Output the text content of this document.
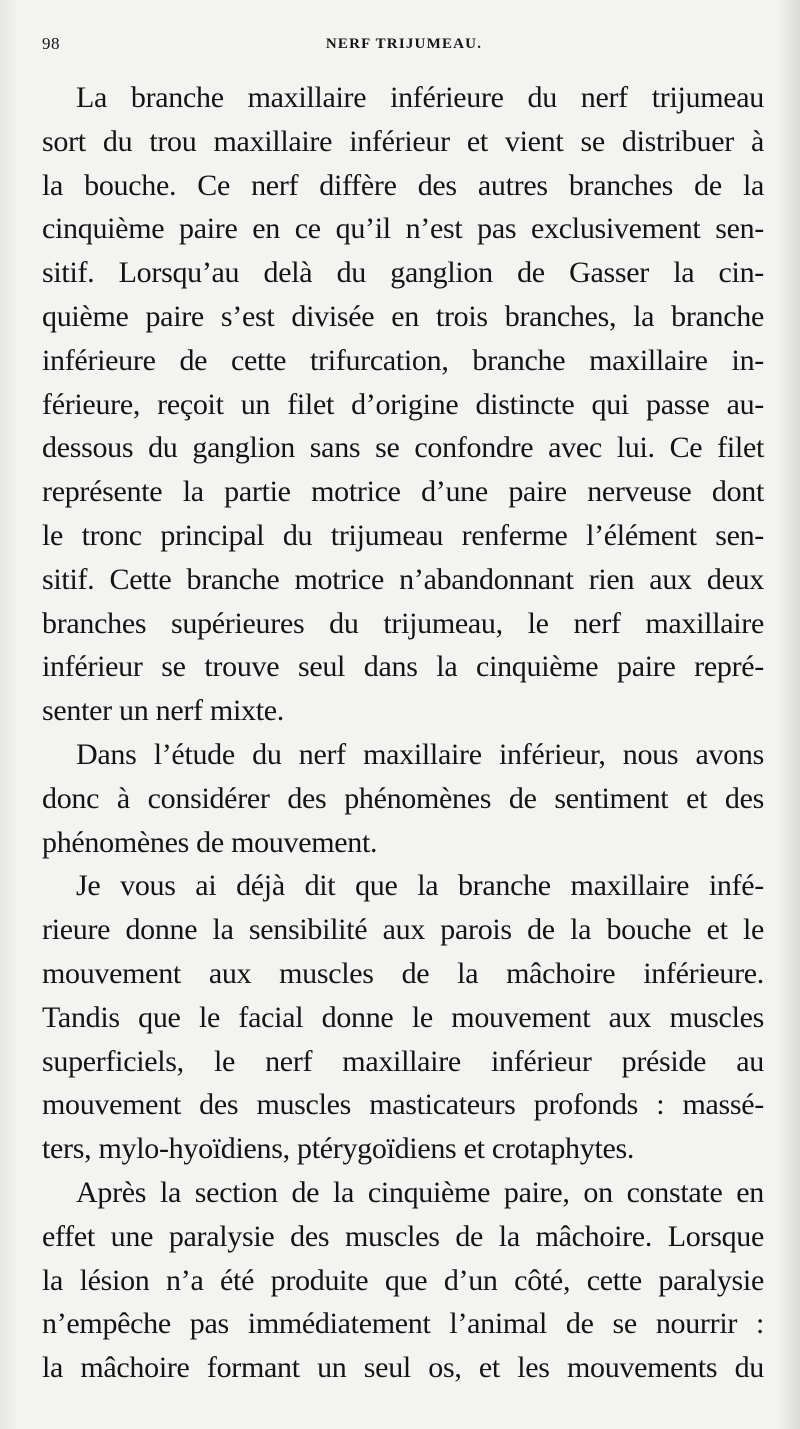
98	NERF TRIJUMEAU.
La branche maxillaire inférieure du nerf trijumeau
sort du trou maxillaire inférieur et vient se distribuer à
la bouche. Ce nerf diffère des autres branches de la
cinquième paire en ce qu’il n’est pas exclusivement sen-
sitif. Lorsqu’au delà du ganglion de Gasser la cin-
quième paire s’est divisée en trois branches, la branche
inférieure de cette trifurcation, branche maxillaire in-
férieure, reçoit un filet d’origine distincte qui passe au-
dessous du ganglion sans se confondre avec lui. Ce filet
représente la partie motrice d’une paire nerveuse dont
le tronc principal du trijumeau renferme l’élément sen-
sitif. Cette branche motrice n’abandonnant rien aux deux
branches supérieures du trijumeau, le nerf maxillaire
inférieur se trouve seul dans la cinquième paire repré-
senter un nerf mixte.
Dans l’étude du nerf maxillaire inférieur, nous avons
donc à considérer des phénomènes de sentiment et des
phénomènes de mouvement.
Je vous ai déjà dit que la branche maxillaire infé-
rieure donne la sensibilité aux parois de la bouche et le
mouvement aux muscles de la mâchoire inférieure.
Tandis que le facial donne le mouvement aux muscles
superficiels, le nerf maxillaire inférieur préside au
mouvement des muscles masticateurs profonds : massé-
ters, mylo-hyoïdiens, ptérygoïdiens et crotaphytes.
Après la section de la cinquième paire, on constate en
effet une paralysie des muscles de la mâchoire. Lorsque
la lésion n’a été produite que d’un côté, cette paralysie
n’empêche pas immédiatement l’animal de se nourrir :
la mâchoire formant un seul os, et les mouvements du
